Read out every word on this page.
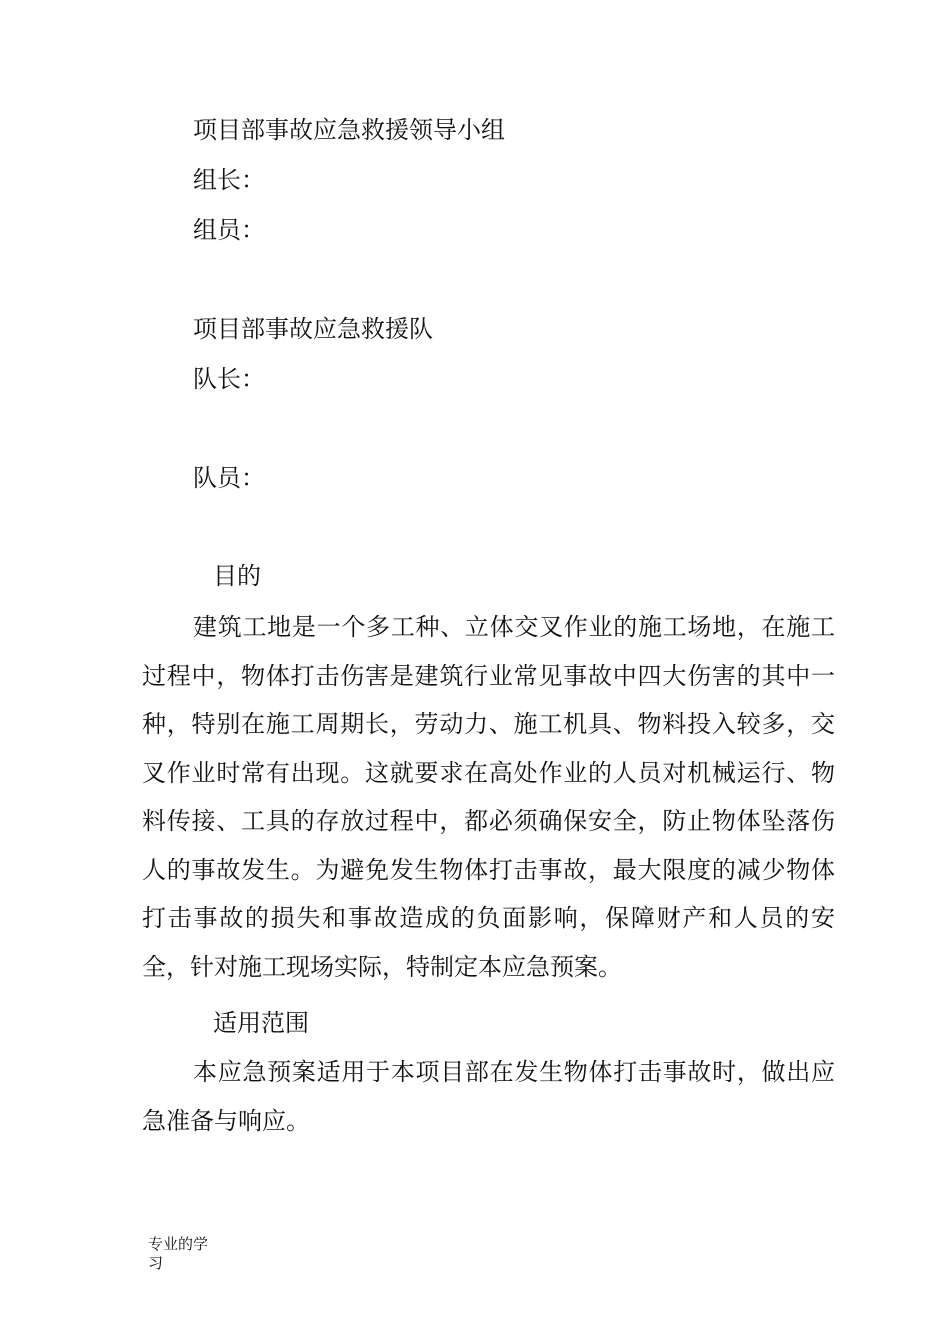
项目部事故应急救援领导小组
组长：
组员：
项目部事故应急救援队
队长：
队员：
目的

建筑工地是一个多工种、立体交叉作业的施工场地，在施工过程中，物体打击伤害是建筑行业常见事故中四大伤害的其中一种，特别在施工周期长，劳动力、施工机具、物料投入较多，交叉作业时常有出现。这就要求在高处作业的人员对机械运行、物料传接、工具的存放过程中，都必须确保安全，防止物体坠落伤人的事故发生。为避免发生物体打击事故，最大限度的减少物体打击事故的损失和事故造成的负面影响，保障财产和人员的安全，针对施工现场实际，特制定本应急预案。

适用范围

本应急预案适用于本项目部在发生物体打击事故时，做出应急准备与响应。

专业的学
习
